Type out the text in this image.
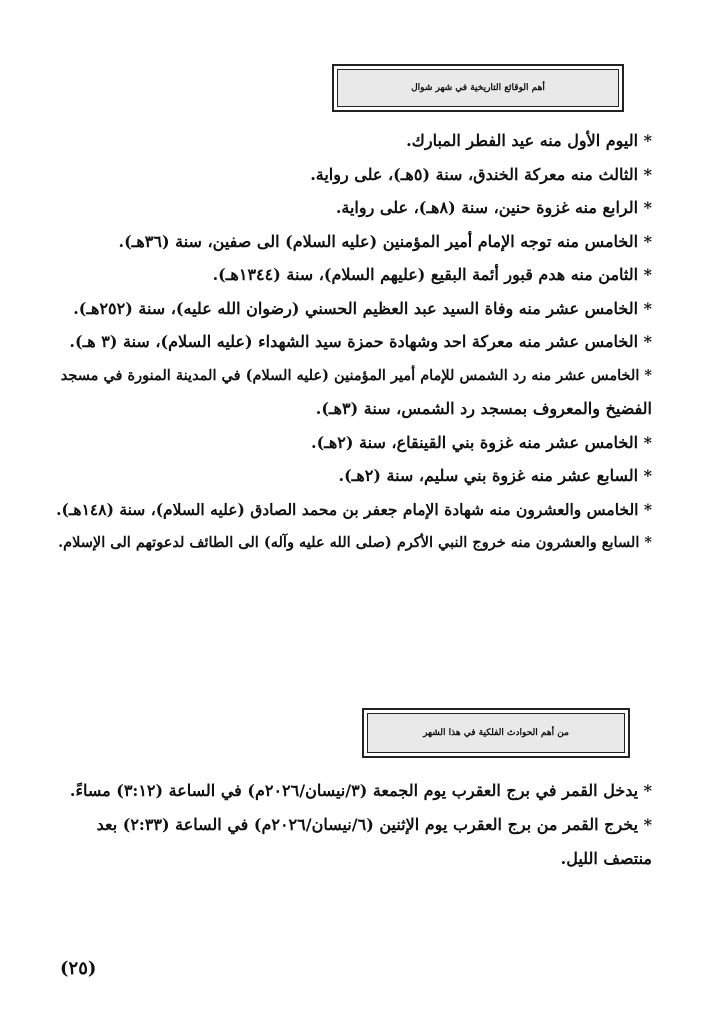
أهم الوقائع التاريخية في شهر شوال
* اليوم الأول منه عيد الفطر المبارك.
* الثالث منه معركة الخندق، سنة (٥هـ)، على رواية.
* الرابع منه غزوة حنين، سنة (٨هـ)، على رواية.
* الخامس منه توجه الإمام أمير المؤمنين (عليه السلام) الى صفين، سنة (٣٦هـ).
* الثامن منه هدم قبور أئمة البقيع (عليهم السلام)، سنة (١٣٤٤هـ).
* الخامس عشر منه وفاة السيد عبد العظيم الحسني (رضوان الله عليه)، سنة (٢٥٢هـ).
* الخامس عشر منه معركة احد وشهادة حمزة سيد الشهداء (عليه السلام)، سنة (٣ هـ).
* الخامس عشر منه رد الشمس للإمام أمير المؤمنين (عليه السلام) في المدينة المنورة في مسجد
الفضيخ والمعروف بمسجد رد الشمس، سنة (٣هـ).
* الخامس عشر منه غزوة بني القينقاع، سنة (٢هـ).
* السابع عشر منه غزوة بني سليم، سنة (٢هـ).
* الخامس والعشرون منه شهادة الإمام جعفر بن محمد الصادق (عليه السلام)، سنة (١٤٨هـ).
* السابع والعشرون منه خروج النبي الأكرم (صلى الله عليه وآله) الى الطائف لدعوتهم الى الإسلام.
من أهم الحوادث الفلكية في هذا الشهر
* يدخل القمر في برج العقرب يوم الجمعة (٣/نيسان/٢٠٢٦م) في الساعة (٣:١٢) مساءً.
* يخرج القمر من برج العقرب يوم الإثنين (٦/نيسان/٢٠٢٦م) في الساعة (٢:٣٣) بعد
منتصف الليل.
(٢٥)
